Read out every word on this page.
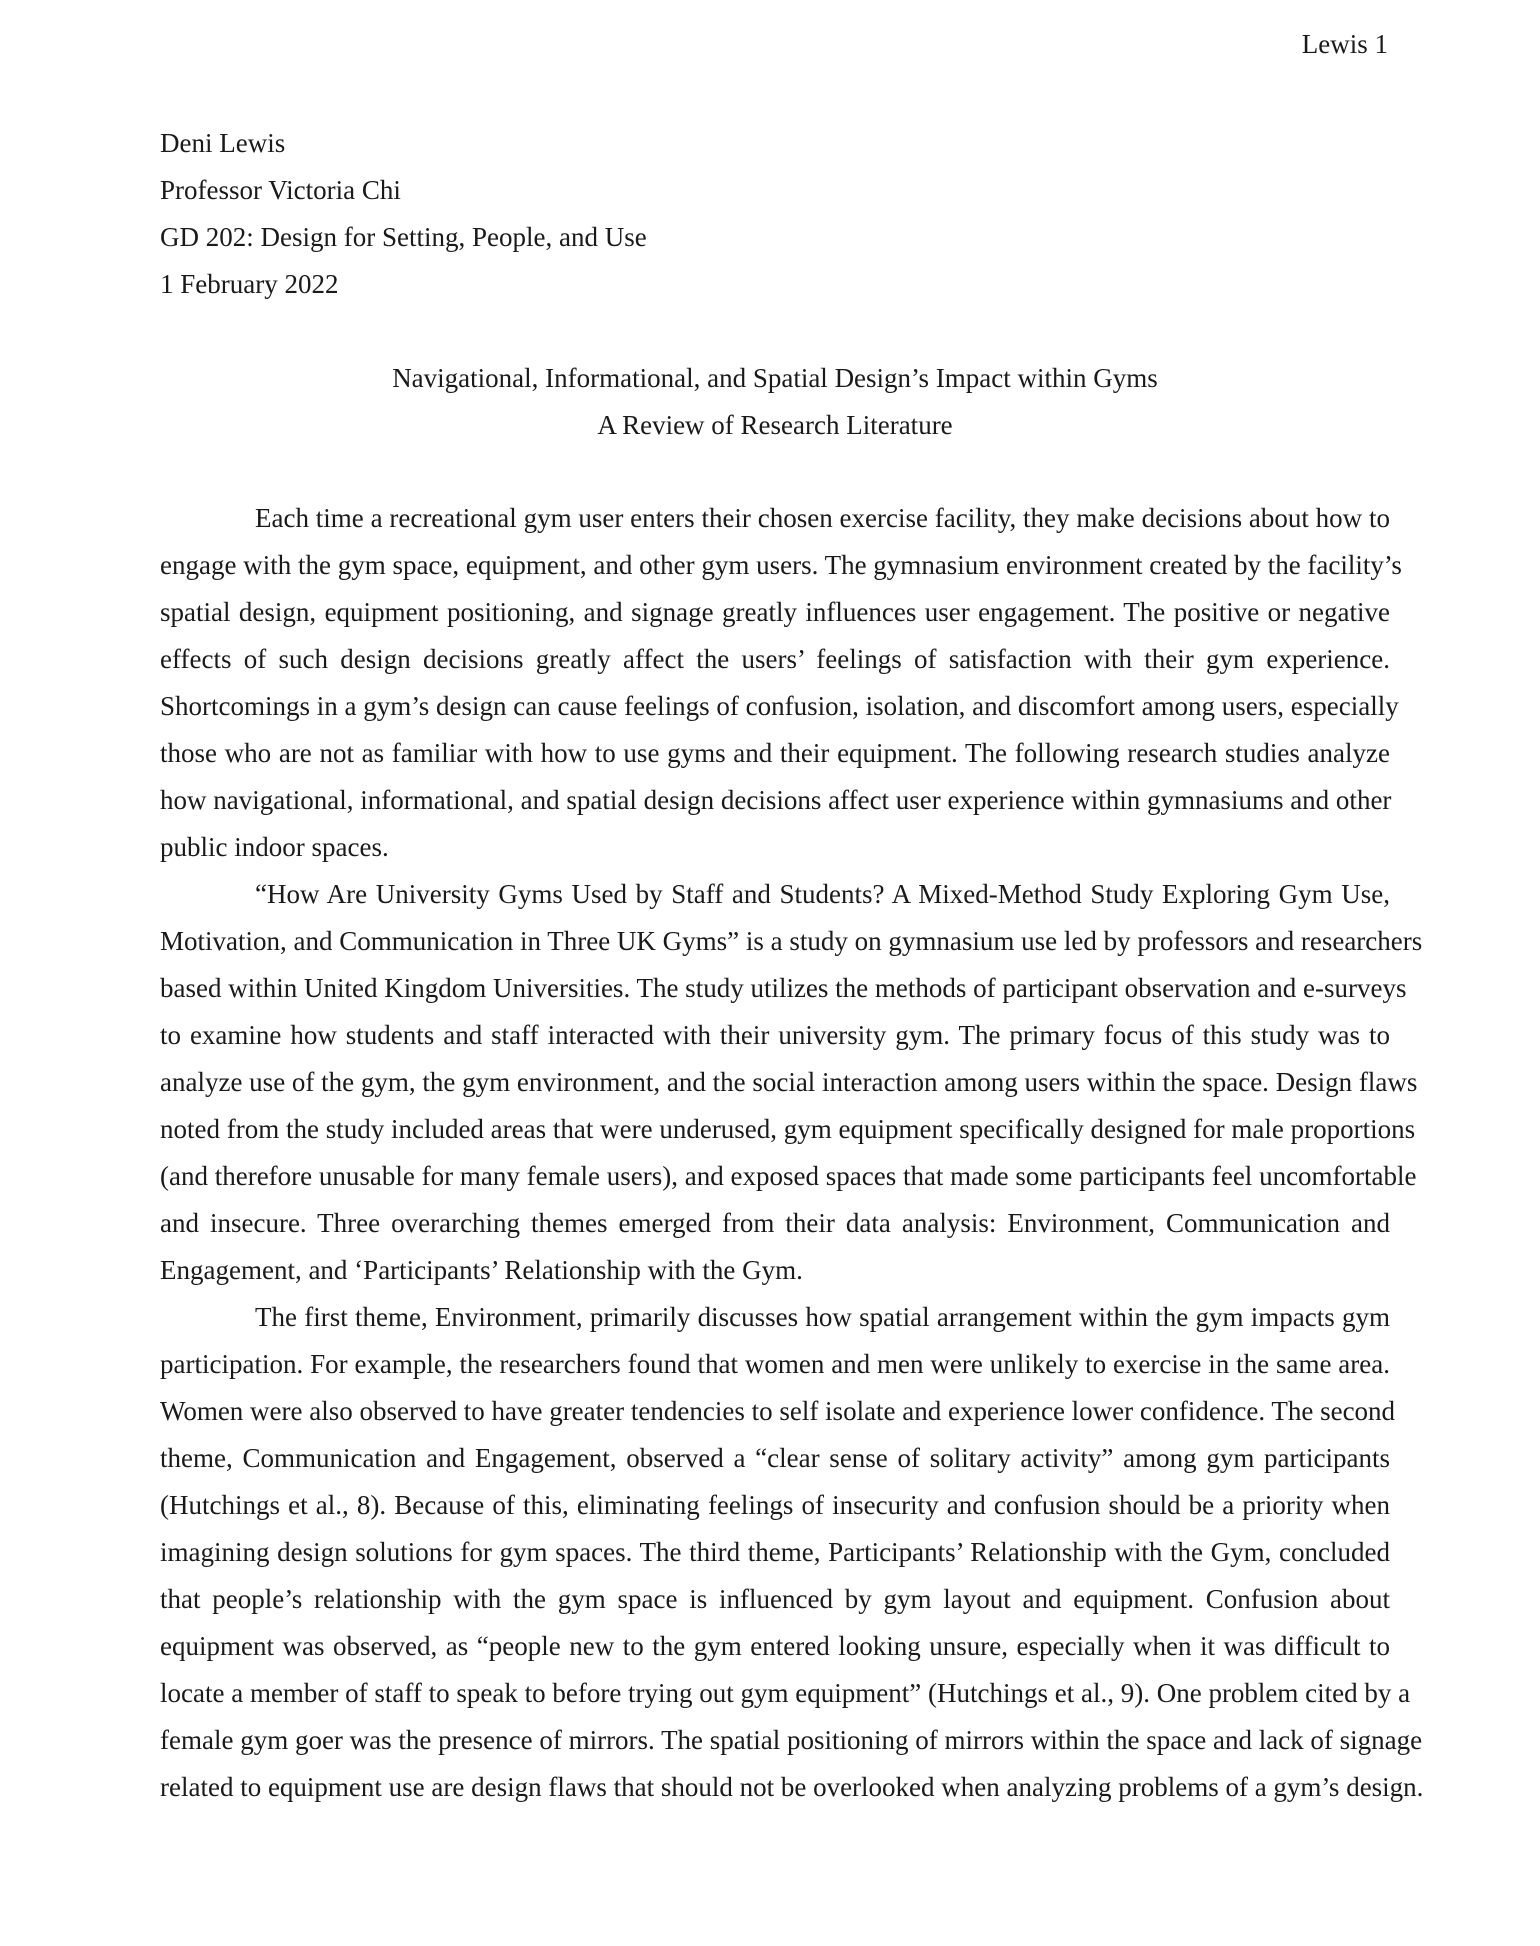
Lewis 1
Deni Lewis
Professor Victoria Chi
GD 202: Design for Setting, People, and Use
1 February 2022
Navigational, Informational, and Spatial Design’s Impact within Gyms
A Review of Research Literature
Each time a recreational gym user enters their chosen exercise facility, they make decisions about how to
engage with the gym space, equipment, and other gym users. The gymnasium environment created by the facility’s
spatial design, equipment positioning, and signage greatly influences user engagement. The positive or negative
effects of such design decisions greatly affect the users’ feelings of satisfaction with their gym experience.
Shortcomings in a gym’s design can cause feelings of confusion, isolation, and discomfort among users, especially
those who are not as familiar with how to use gyms and their equipment. The following research studies analyze
how navigational, informational, and spatial design decisions affect user experience within gymnasiums and other
public indoor spaces.
“How Are University Gyms Used by Staff and Students? A Mixed-Method Study Exploring Gym Use,
Motivation, and Communication in Three UK Gyms” is a study on gymnasium use led by professors and researchers
based within United Kingdom Universities. The study utilizes the methods of participant observation and e-surveys
to examine how students and staff interacted with their university gym. The primary focus of this study was to
analyze use of the gym, the gym environment, and the social interaction among users within the space. Design flaws
noted from the study included areas that were underused, gym equipment specifically designed for male proportions
(and therefore unusable for many female users), and exposed spaces that made some participants feel uncomfortable
and insecure. Three overarching themes emerged from their data analysis: Environment, Communication and
Engagement, and ‘Participants’ Relationship with the Gym.
The first theme, Environment, primarily discusses how spatial arrangement within the gym impacts gym
participation. For example, the researchers found that women and men were unlikely to exercise in the same area.
Women were also observed to have greater tendencies to self isolate and experience lower confidence. The second
theme, Communication and Engagement, observed a “clear sense of solitary activity” among gym participants
(Hutchings et al., 8). Because of this, eliminating feelings of insecurity and confusion should be a priority when
imagining design solutions for gym spaces. The third theme, Participants’ Relationship with the Gym, concluded
that people’s relationship with the gym space is influenced by gym layout and equipment. Confusion about
equipment was observed, as “people new to the gym entered looking unsure, especially when it was difficult to
locate a member of staff to speak to before trying out gym equipment” (Hutchings et al., 9). One problem cited by a
female gym goer was the presence of mirrors. The spatial positioning of mirrors within the space and lack of signage
related to equipment use are design flaws that should not be overlooked when analyzing problems of a gym’s design.
